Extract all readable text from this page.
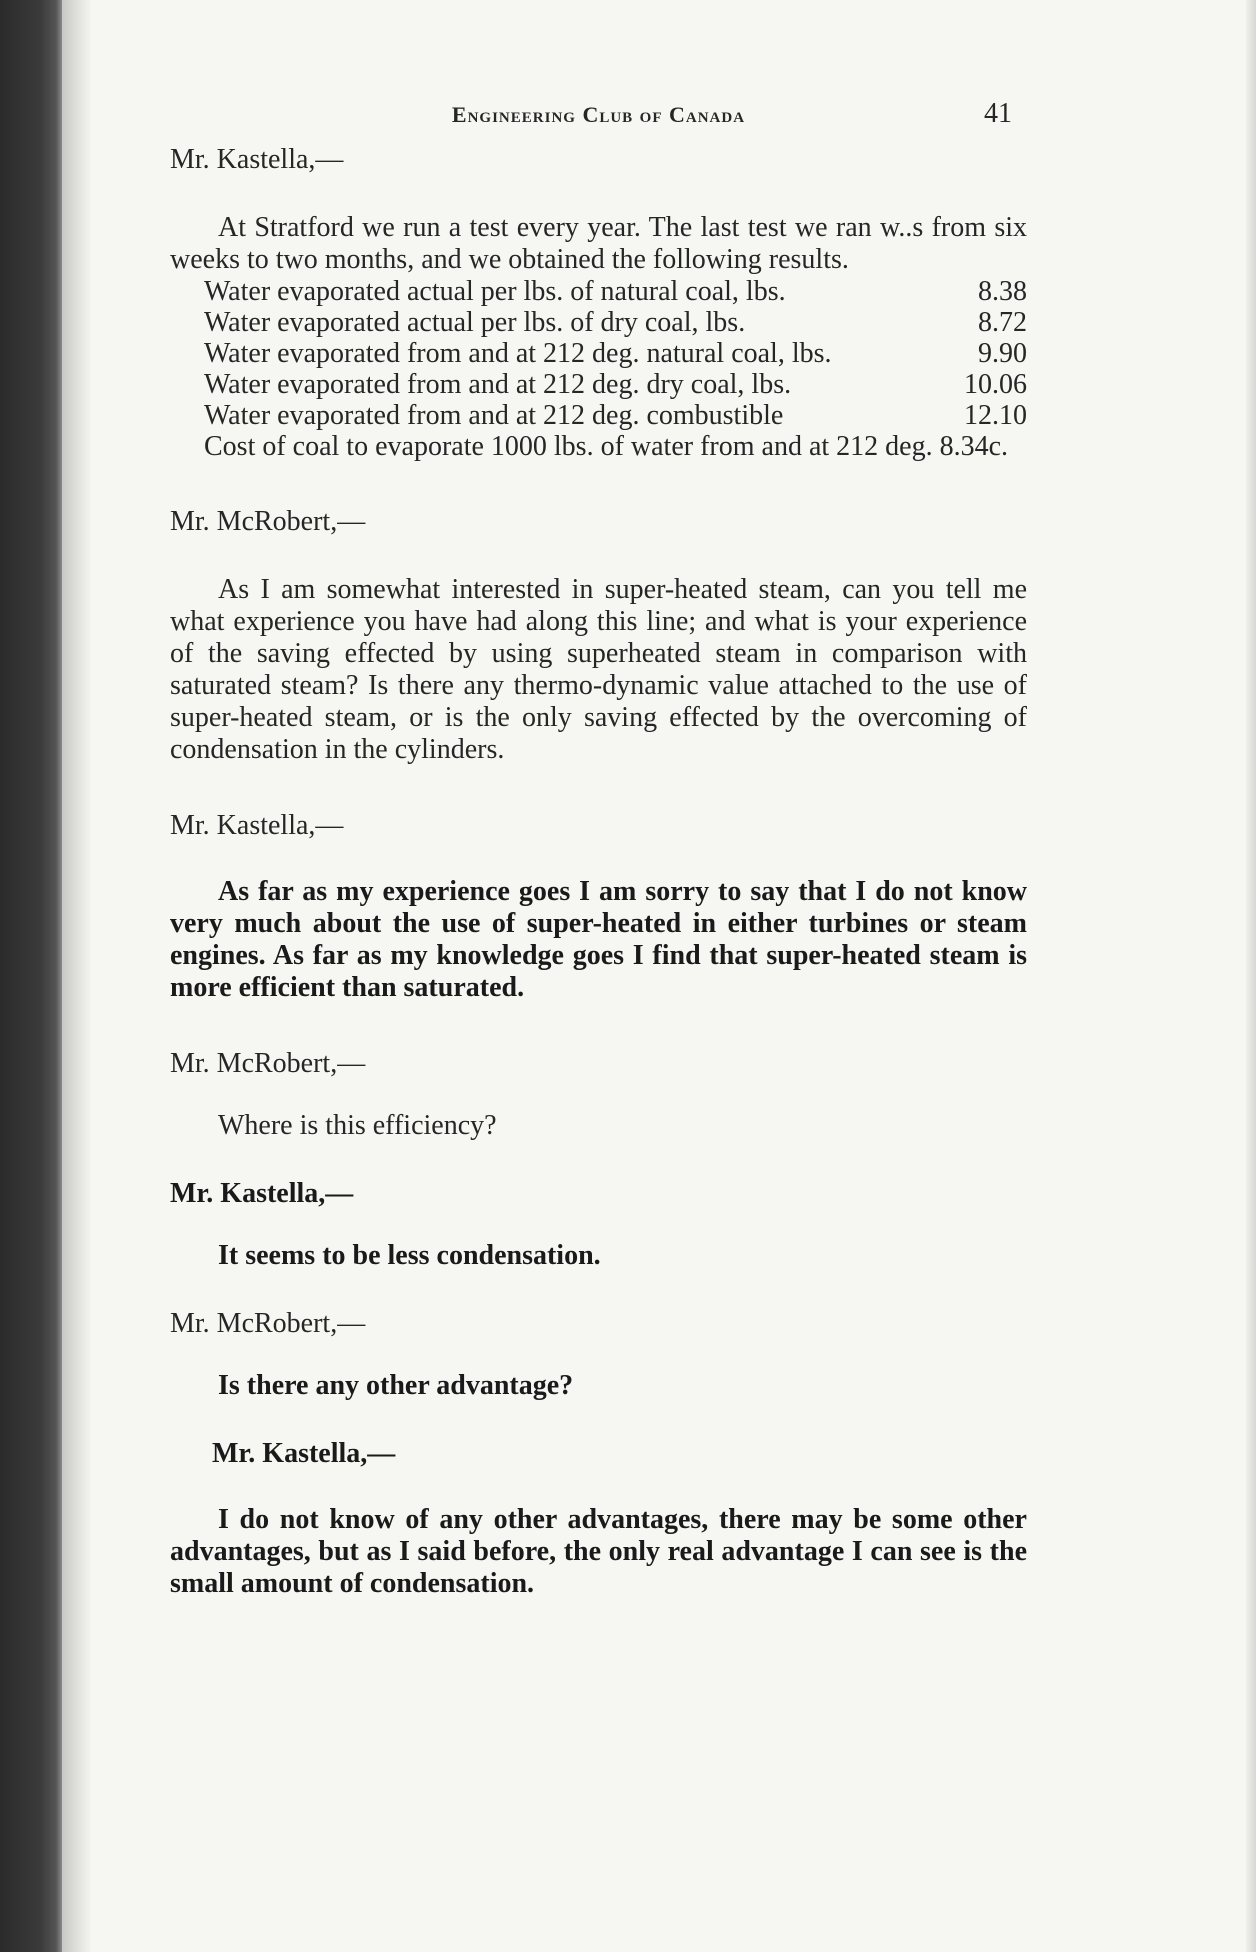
Engineering Club of Canada	41

Mr. Kastella,—

At Stratford we run a test every year. The last test we ran w..s from six weeks to two months, and we obtained the following results.

Water evaporated actual per lbs. of natural coal, lbs.	8.38
Water evaporated actual per lbs. of dry coal, lbs.	8.72
Water evaporated from and at 212 deg. natural coal, lbs.	9.90
Water evaporated from and at 212 deg. dry coal, lbs.	10.06
Water evaporated from and at 212 deg. combustible	12.10

Cost of coal to evaporate 1000 lbs. of water from and at 212 deg. 8.34c.

Mr. McRobert,—

As I am somewhat interested in super-heated steam, can you tell me what experience you have had along this line; and what is your experience of the saving effected by using superheated steam in comparison with saturated steam? Is there any thermo-dynamic value attached to the use of super-heated steam, or is the only saving effected by the overcoming of condensation in the cylinders.

Mr. Kastella,—

As far as my experience goes I am sorry to say that I do not know very much about the use of super-heated in either turbines or steam engines. As far as my knowledge goes I find that super-heated steam is more efficient than saturated.

Mr. McRobert,—

Where is this efficiency?

Mr. Kastella,—

It seems to be less condensation.

Mr. McRobert,—

Is there any other advantage?

Mr. Kastella,—

I do not know of any other advantages, there may be some other advantages, but as I said before, the only real advantage I can see is the small amount of condensation.
